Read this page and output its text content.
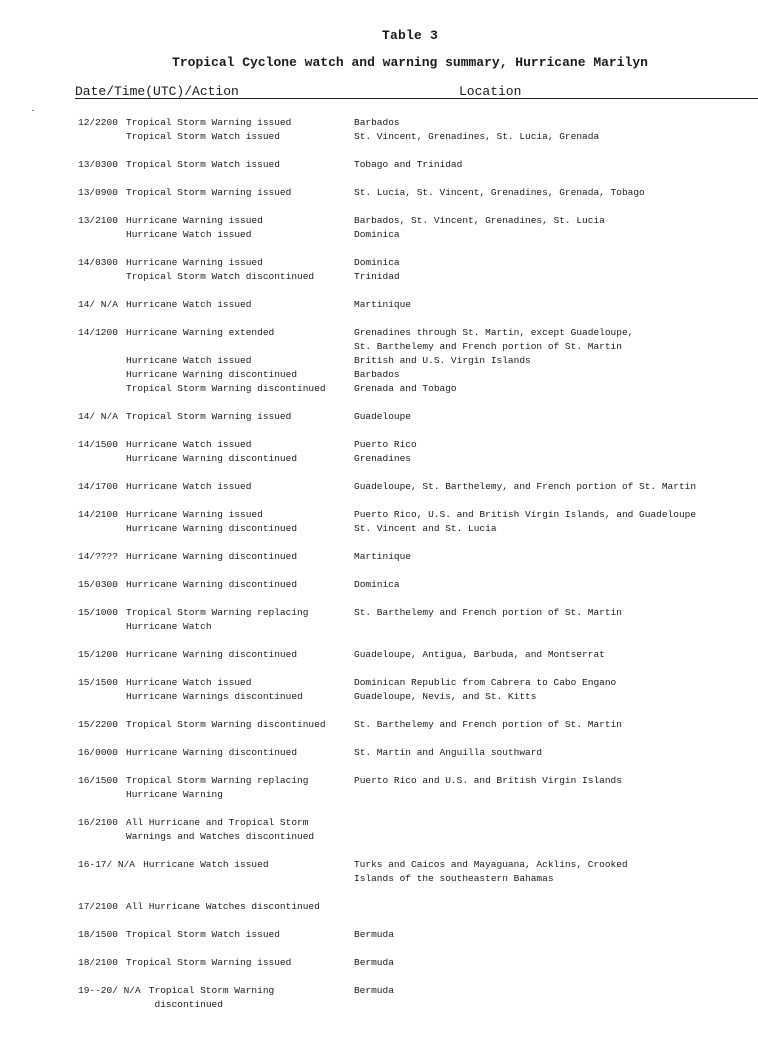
Table 3
Tropical Cyclone watch and warning summary, Hurricane Marilyn
Date/Time(UTC)/Action	Location
12/2200 Tropical Storm Warning issued	Barbados
Tropical Storm Watch issued	St. Vincent, Grenadines, St. Lucia, Grenada
13/0300 Tropical Storm Watch issued	Tobago and Trinidad
13/0900 Tropical Storm Warning issued	St. Lucia, St. Vincent, Grenadines, Grenada, Tobago
13/2100 Hurricane Warning issued	Barbados, St. Vincent, Grenadines, St. Lucia
Hurricane Watch issued	Dominica
14/0300 Hurricane Warning issued	Dominica
Tropical Storm Watch discontinued	Trinidad
14/ N/A Hurricane Watch issued	Martinique
14/1200 Hurricane Warning extended	Grenadines through St. Martin, except Guadeloupe,
St. Barthelemy and French portion of St. Martin
Hurricane Watch issued	British and U.S. Virgin Islands
Hurricane Warning discontinued	Barbados
Tropical Storm Warning discontinued	Grenada and Tobago
14/ N/A Tropical Storm Warning issued	Guadeloupe
14/1500 Hurricane Watch issued	Puerto Rico
Hurricane Warning discontinued	Grenadines
14/1700 Hurricane Watch issued	Guadeloupe, St. Barthelemy, and French portion of St. Martin
14/2100 Hurricane Warning issued	Puerto Rico, U.S. and British Virgin Islands, and Guadeloupe
Hurricane Warning discontinued	St. Vincent and St. Lucia
14/???? Hurricane Warning discontinued	Martinique
15/0300 Hurricane Warning discontinued	Dominica
15/1000 Tropical Storm Warning replacing	St. Barthelemy and French portion of St. Martin
Hurricane Watch
15/1200 Hurricane Warning discontinued	Guadeloupe, Antigua, Barbuda, and Montserrat
15/1500 Hurricane Watch issued	Dominican Republic from Cabrera to Cabo Engano
Hurricane Warnings discontinued	Guadeloupe, Nevis, and St. Kitts
15/2200 Tropical Storm Warning discontinued	St. Barthelemy and French portion of St. Martin
16/0000 Hurricane Warning discontinued	St. Martin and Anguilla southward
16/1500 Tropical Storm Warning replacing	Puerto Rico and U.S. and British Virgin Islands
Hurricane Warning
16/2100 All Hurricane and Tropical Storm
Warnings and Watches discontinued
16-17/ N/A Hurricane Watch issued	Turks and Caicos and Mayaguana, Acklins, Crooked
Islands of the southeastern Bahamas
17/2100 All Hurricane Watches discontinued
18/1500 Tropical Storm Watch issued	Bermuda
18/2100 Tropical Storm Warning issued	Bermuda
19--20/ N/A Tropical Storm Warning	Bermuda
discontinued
